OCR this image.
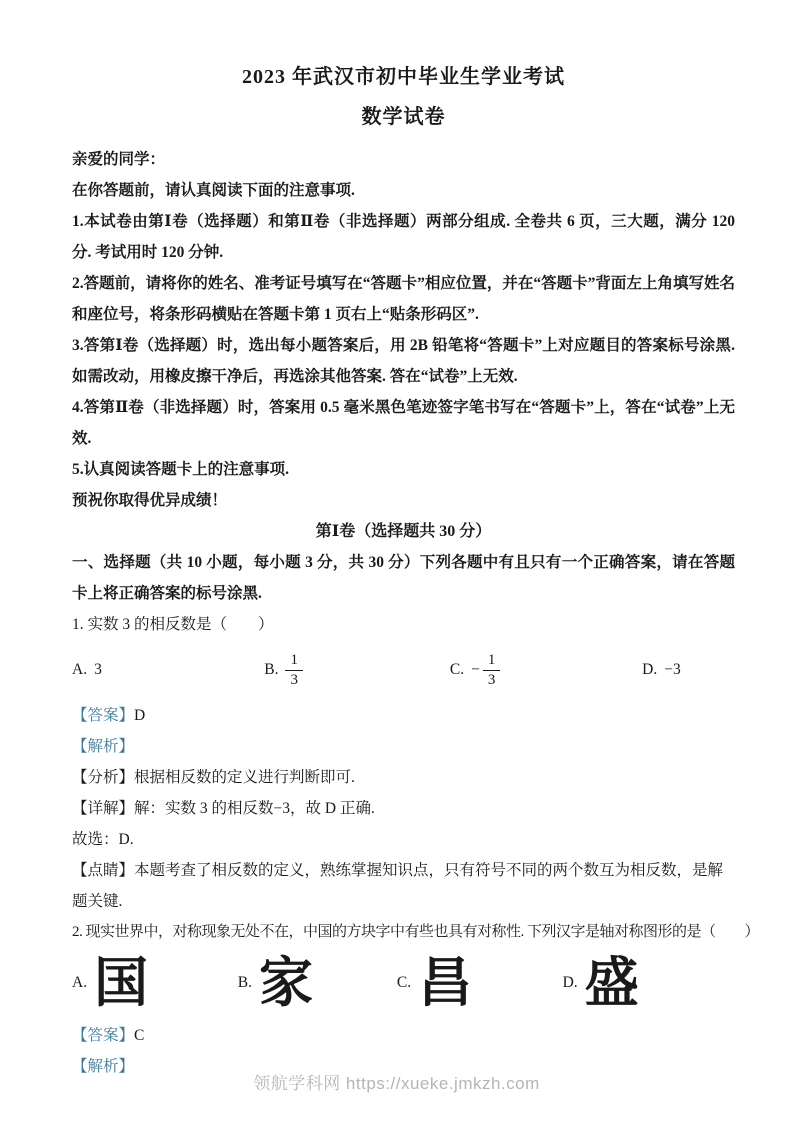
2023 年武汉市初中毕业生学业考试
数学试卷

亲爱的同学：

在你答题前，请认真阅读下面的注意事项.

1.本试卷由第Ⅰ卷（选择题）和第Ⅱ卷（非选择题）两部分组成. 全卷共 6 页，三大题，满分 120 分. 考试用时 120 分钟.

2.答题前，请将你的姓名、准考证号填写在“答题卡”相应位置，并在“答题卡”背面左上角填写姓名和座位号，将条形码横贴在答题卡第 1 页右上“贴条形码区”.

3.答第Ⅰ卷（选择题）时，选出每小题答案后，用 2B 铅笔将“答题卡”上对应题目的答案标号涂黑. 如需改动，用橡皮擦干净后，再选涂其他答案. 答在“试卷”上无效.

4.答第Ⅱ卷（非选择题）时，答案用 0.5 毫米黑色笔迹签字笔书写在“答题卡”上，答在“试卷”上无效.

5.认真阅读答题卡上的注意事项.

预祝你取得优异成绩！

第Ⅰ卷（选择题共 30 分）

一、选择题（共 10 小题，每小题 3 分，共 30 分）下列各题中有且只有一个正确答案，请在答题卡上将正确答案的标号涂黑.

1. 实数 3 的相反数是（　　）

A. 3	B. $\frac{1}{3}$	C. − $\frac{1}{3}$	D. −3

【答案】D

【解析】

【分析】根据相反数的定义进行判断即可.

【详解】解：实数 3 的相反数−3，故 D 正确.

故选：D.

【点睛】本题考查了相反数的定义，熟练掌握知识点，只有符号不同的两个数互为相反数，是解题关键.

2. 现实世界中，对称现象无处不在，中国的方块字中有些也具有对称性. 下列汉字是轴对称图形的是（　　）

A. 国	B. 家	C. 昌	D. 盛

【答案】C

【解析】

领航学科网 https://xueke.jmkzh.com
